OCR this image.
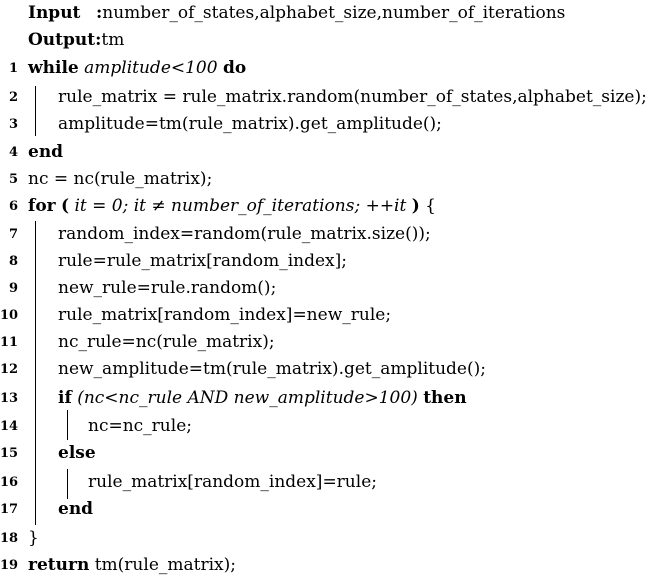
Input :number_of_states,alphabet_size,number_of_iterations
Output:tm
1 while amplitude<100 do
2 rule_matrix = rule_matrix.random(number_of_states,alphabet_size);
3 amplitude=tm(rule_matrix).get_amplitude();
4 end
5 nc = nc(rule_matrix);
6 for ( it = 0; it ≠ number_of_iterations; ++it ) {
7 random_index=random(rule_matrix.size());
8 rule=rule_matrix[random_index];
9 new_rule=rule.random();
10 rule_matrix[random_index]=new_rule;
11 nc_rule=nc(rule_matrix);
12 new_amplitude=tm(rule_matrix).get_amplitude();
13 if (nc<nc_rule AND new_amplitude>100) then
14	nc=nc_rule;
15 else
16	rule_matrix[random_index]=rule;
17 end
18 }
19 return tm(rule_matrix);
